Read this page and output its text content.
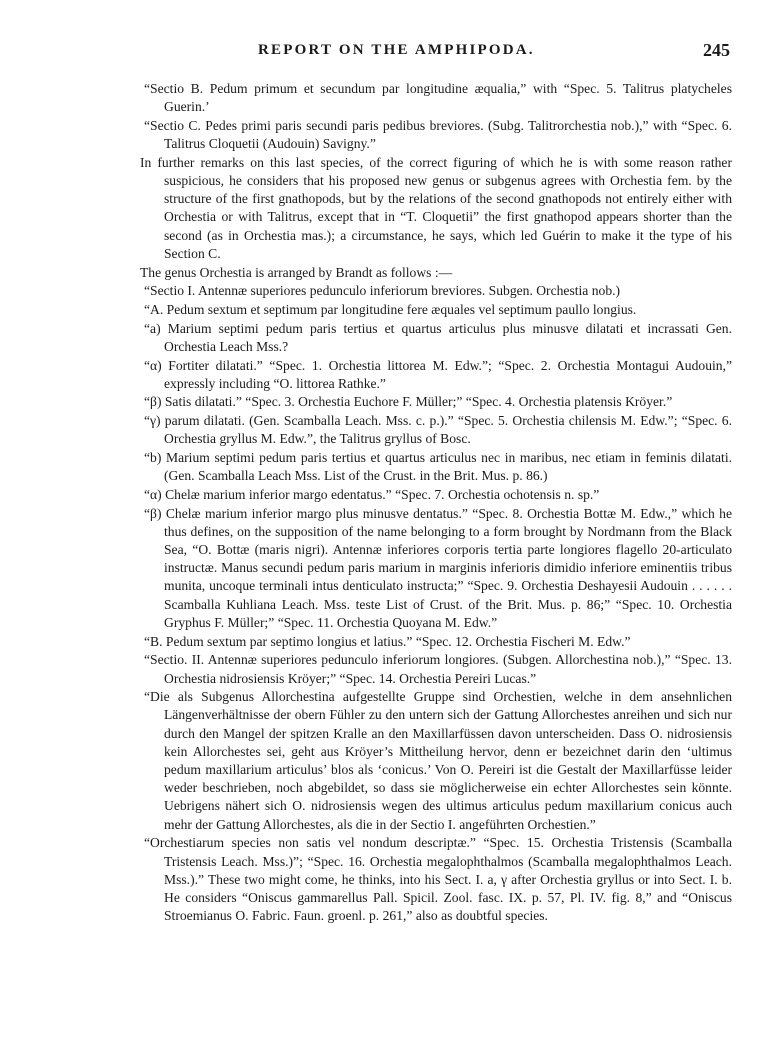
REPORT ON THE AMPHIPODA.	245

“Sectio B. Pedum primum et secundum par longitudine æqualia,” with “Spec. 5. Talitrus platycheles Guerin.’

“Sectio C. Pedes primi paris secundi paris pedibus breviores. (Subg. Talitrorchestia nob.),” with “Spec. 6. Talitrus Cloquetii (Audouin) Savigny.”

In further remarks on this last species, of the correct figuring of which he is with some reason rather suspicious, he considers that his proposed new genus or subgenus agrees with Orchestia fem. by the structure of the first gnathopods, but by the relations of the second gnathopods not entirely either with Orchestia or with Talitrus, except that in “T. Cloquetii” the first gnathopod appears shorter than the second (as in Orchestia mas.); a circumstance, he says, which led Guérin to make it the type of his Section C.

The genus Orchestia is arranged by Brandt as follows :—

“Sectio I. Antennæ superiores pedunculo inferiorum breviores. Subgen. Orchestia nob.)

“A. Pedum sextum et septimum par longitudine fere æquales vel septimum paullo longius.

“a) Marium septimi pedum paris tertius et quartus articulus plus minusve dilatati et incrassati Gen. Orchestia Leach Mss.?

“α) Fortiter dilatati.” “Spec. 1. Orchestia littorea M. Edw.”; “Spec. 2. Orchestia Montagui Audouin,” expressly including “O. littorea Rathke.”

“β) Satis dilatati.” “Spec. 3. Orchestia Euchore F. Müller;” “Spec. 4. Orchestia platensis Kröyer.”

“γ) parum dilatati. (Gen. Scamballa Leach. Mss. c. p.).” “Spec. 5. Orchestia chilensis M. Edw.”; “Spec. 6. Orchestia gryllus M. Edw.”, the Talitrus gryllus of Bosc.

“b) Marium septimi pedum paris tertius et quartus articulus nec in maribus, nec etiam in feminis dilatati. (Gen. Scamballa Leach Mss. List of the Crust. in the Brit. Mus. p. 86.)

“α) Chelæ marium inferior margo edentatus.” “Spec. 7. Orchestia ochotensis n. sp.”

“β) Chelæ marium inferior margo plus minusve dentatus.” “Spec. 8. Orchestia Bottæ M. Edw.,” which he thus defines, on the supposition of the name belonging to a form brought by Nordmann from the Black Sea, “O. Bottæ (maris nigri). Antennæ inferiores corporis tertia parte longiores flagello 20-articulato instructæ. Manus secundi pedum paris marium in marginis inferioris dimidio inferiore eminentiis tribus munita, uncoque terminali intus denticulato instructa;” “Spec. 9. Orchestia Deshayesii Audouin . . . . . . Scamballa Kuhliana Leach. Mss. teste List of Crust. of the Brit. Mus. p. 86;” “Spec. 10. Orchestia Gryphus F. Müller;” “Spec. 11. Orchestia Quoyana M. Edw.”

“B. Pedum sextum par septimo longius et latius.” “Spec. 12. Orchestia Fischeri M. Edw.”

“Sectio. II. Antennæ superiores pedunculo inferiorum longiores. (Subgen. Allorchestina nob.),” “Spec. 13. Orchestia nidrosiensis Kröyer;” “Spec. 14. Orchestia Pereiri Lucas.”

“Die als Subgenus Allorchestina aufgestellte Gruppe sind Orchestien, welche in dem ansehnlichen Längenverhältnisse der obern Fühler zu den untern sich der Gattung Allorchestes anreihen und sich nur durch den Mangel der spitzen Kralle an den Maxillarfüssen davon unterscheiden. Dass O. nidrosiensis kein Allorchestes sei, geht aus Kröyer’s Mittheilung hervor, denn er bezeichnet darin den ‘ultimus pedum maxillarium articulus’ blos als ‘conicus.’ Von O. Pereiri ist die Gestalt der Maxillarfüsse leider weder beschrieben, noch abgebildet, so dass sie möglicherweise ein echter Allorchestes sein könnte. Uebrigens nähert sich O. nidrosiensis wegen des ultimus articulus pedum maxillarium conicus auch mehr der Gattung Allorchestes, als die in der Sectio I. angeführten Orchestien.”

“Orchestiarum species non satis vel nondum descriptæ.” “Spec. 15. Orchestia Tristensis (Scamballa Tristensis Leach. Mss.)”; “Spec. 16. Orchestia megalophthalmos (Scamballa megalophthalmos Leach. Mss.).” These two might come, he thinks, into his Sect. I. a, γ after Orchestia gryllus or into Sect. I. b. He considers “Oniscus gammarellus Pall. Spicil. Zool. fasc. IX. p. 57, Pl. IV. fig. 8,” and “Oniscus Stroemianus O. Fabric. Faun. groenl. p. 261,” also as doubtful species.
